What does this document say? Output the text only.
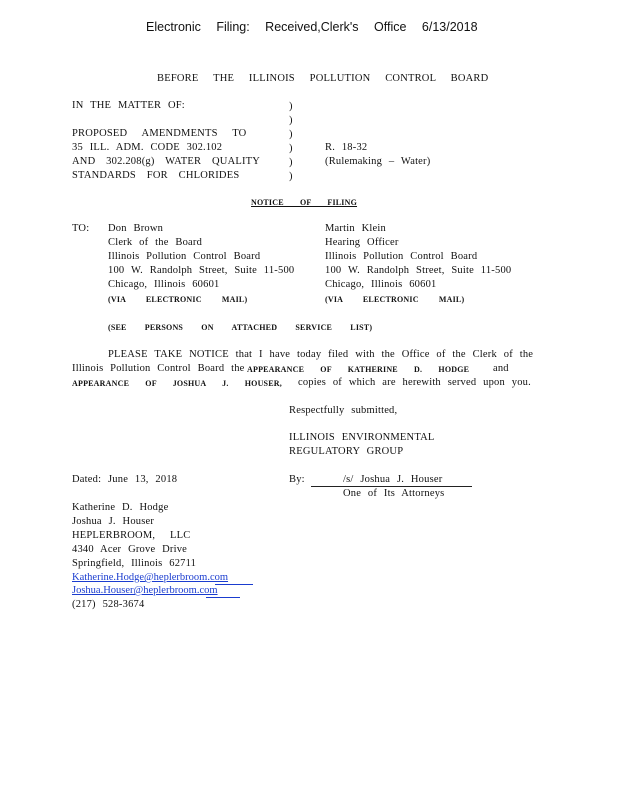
Electronic Filing: Received,Clerk's Office 6/13/2018
BEFORE THE ILLINOIS POLLUTION CONTROL BOARD
IN THE MATTER OF:
PROPOSED AMENDMENTS TO
35 ILL. ADM. CODE 302.102
AND 302.208(g) WATER QUALITY
STANDARDS FOR CHLORIDES
)
)
)
)
)
)
R. 18-32
(Rulemaking – Water)
NOTICE OF FILING
TO: Don Brown
Clerk of the Board
Illinois Pollution Control Board
100 W. Randolph Street, Suite 11-500
Chicago, Illinois 60601
(VIA ELECTRONIC MAIL)
Martin Klein
Hearing Officer
Illinois Pollution Control Board
100 W. Randolph Street, Suite 11-500
Chicago, Illinois 60601
(VIA ELECTRONIC MAIL)
(SEE PERSONS ON ATTACHED SERVICE LIST)
PLEASE TAKE NOTICE that I have today filed with the Office of the Clerk of the
Illinois Pollution Control Board the APPEARANCE OF KATHERINE D. HODGE and
APPEARANCE OF JOSHUA J. HOUSER, copies of which are herewith served upon you.
Respectfully submitted,
ILLINOIS ENVIRONMENTAL
REGULATORY GROUP
By:	/s/ Joshua J. Houser
One of Its Attorneys
Dated: June 13, 2018
Katherine D. Hodge
Joshua J. Houser
HEPLERBROOM, LLC
4340 Acer Grove Drive
Springfield, Illinois 62711
Katherine.Hodge@heplerbroom.com
Joshua.Houser@heplerbroom.com
(217) 528-3674
